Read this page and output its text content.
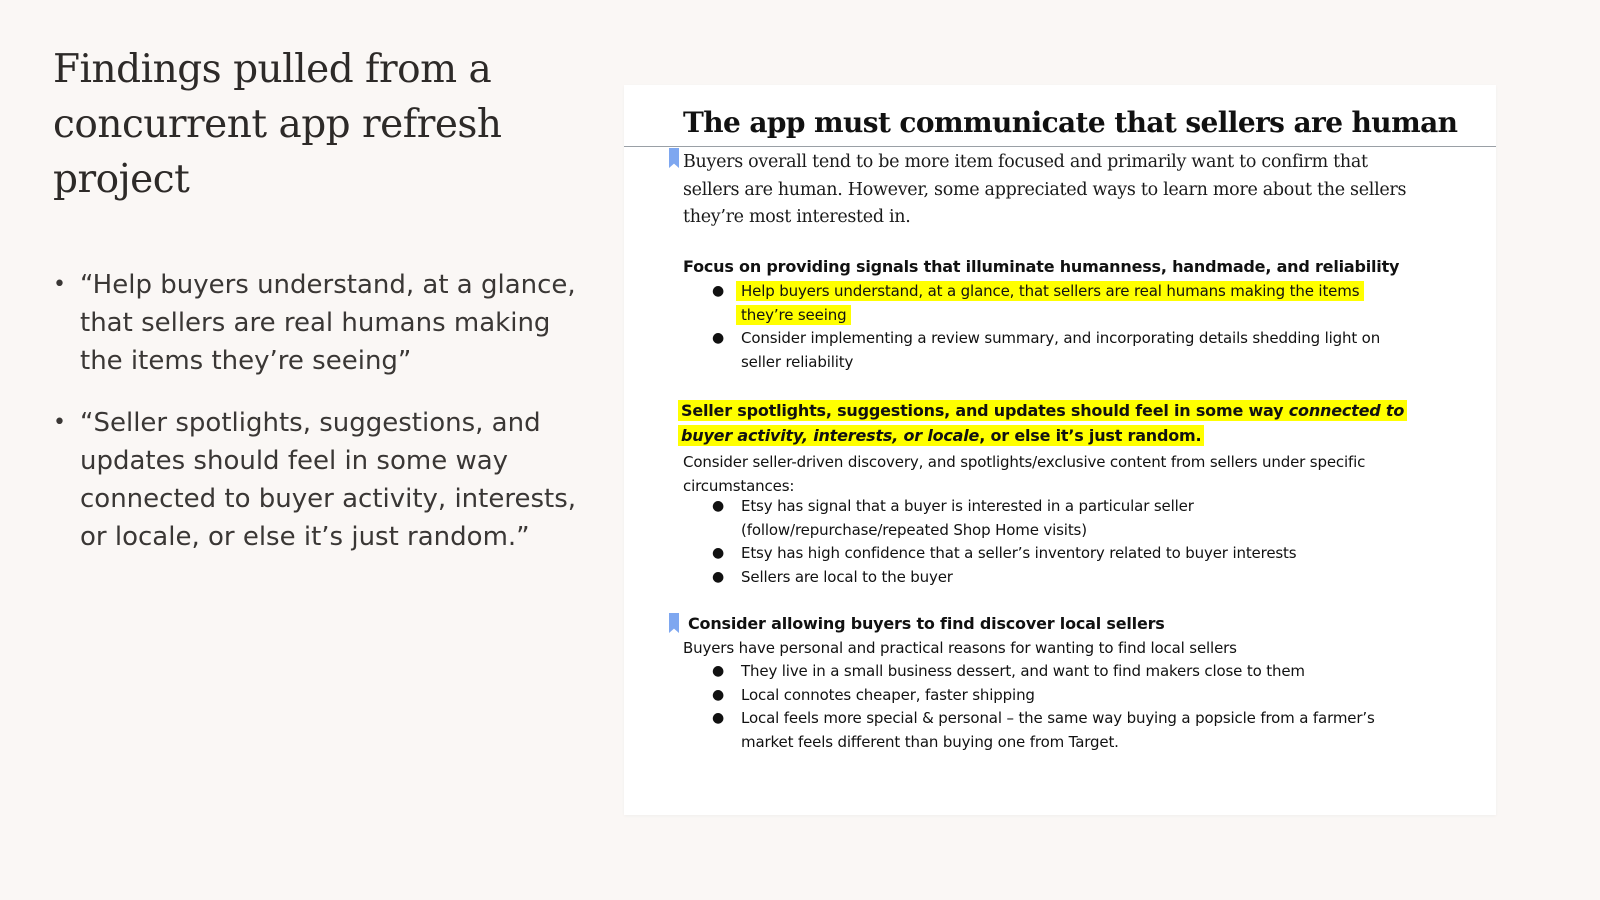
Findings pulled from a concurrent app refresh project
• “Help buyers understand, at a glance, that sellers are real humans making the items they’re seeing”
• “Seller spotlights, suggestions, and updates should feel in some way connected to buyer activity, interests, or locale, or else it’s just random.”
The app must communicate that sellers are human

Buyers overall tend to be more item focused and primarily want to confirm that sellers are human. However, some appreciated ways to learn more about the sellers they’re most interested in.

Focus on providing signals that illuminate humanness, handmade, and reliability

● Help buyers understand, at a glance, that sellers are real humans making the items they’re seeing
● Consider implementing a review summary, and incorporating details shedding light on seller reliability

Seller spotlights, suggestions, and updates should feel in some way connected to buyer activity, interests, or locale, or else it’s just random.

Consider seller-driven discovery, and spotlights/exclusive content from sellers under specific circumstances:

● Etsy has signal that a buyer is interested in a particular seller (follow/repurchase/repeated Shop Home visits)
● Etsy has high confidence that a seller’s inventory related to buyer interests
● Sellers are local to the buyer

Consider allowing buyers to find discover local sellers

Buyers have personal and practical reasons for wanting to find local sellers

● They live in a small business dessert, and want to find makers close to them
● Local connotes cheaper, faster shipping
● Local feels more special & personal – the same way buying a popsicle from a farmer’s market feels different than buying one from Target.
